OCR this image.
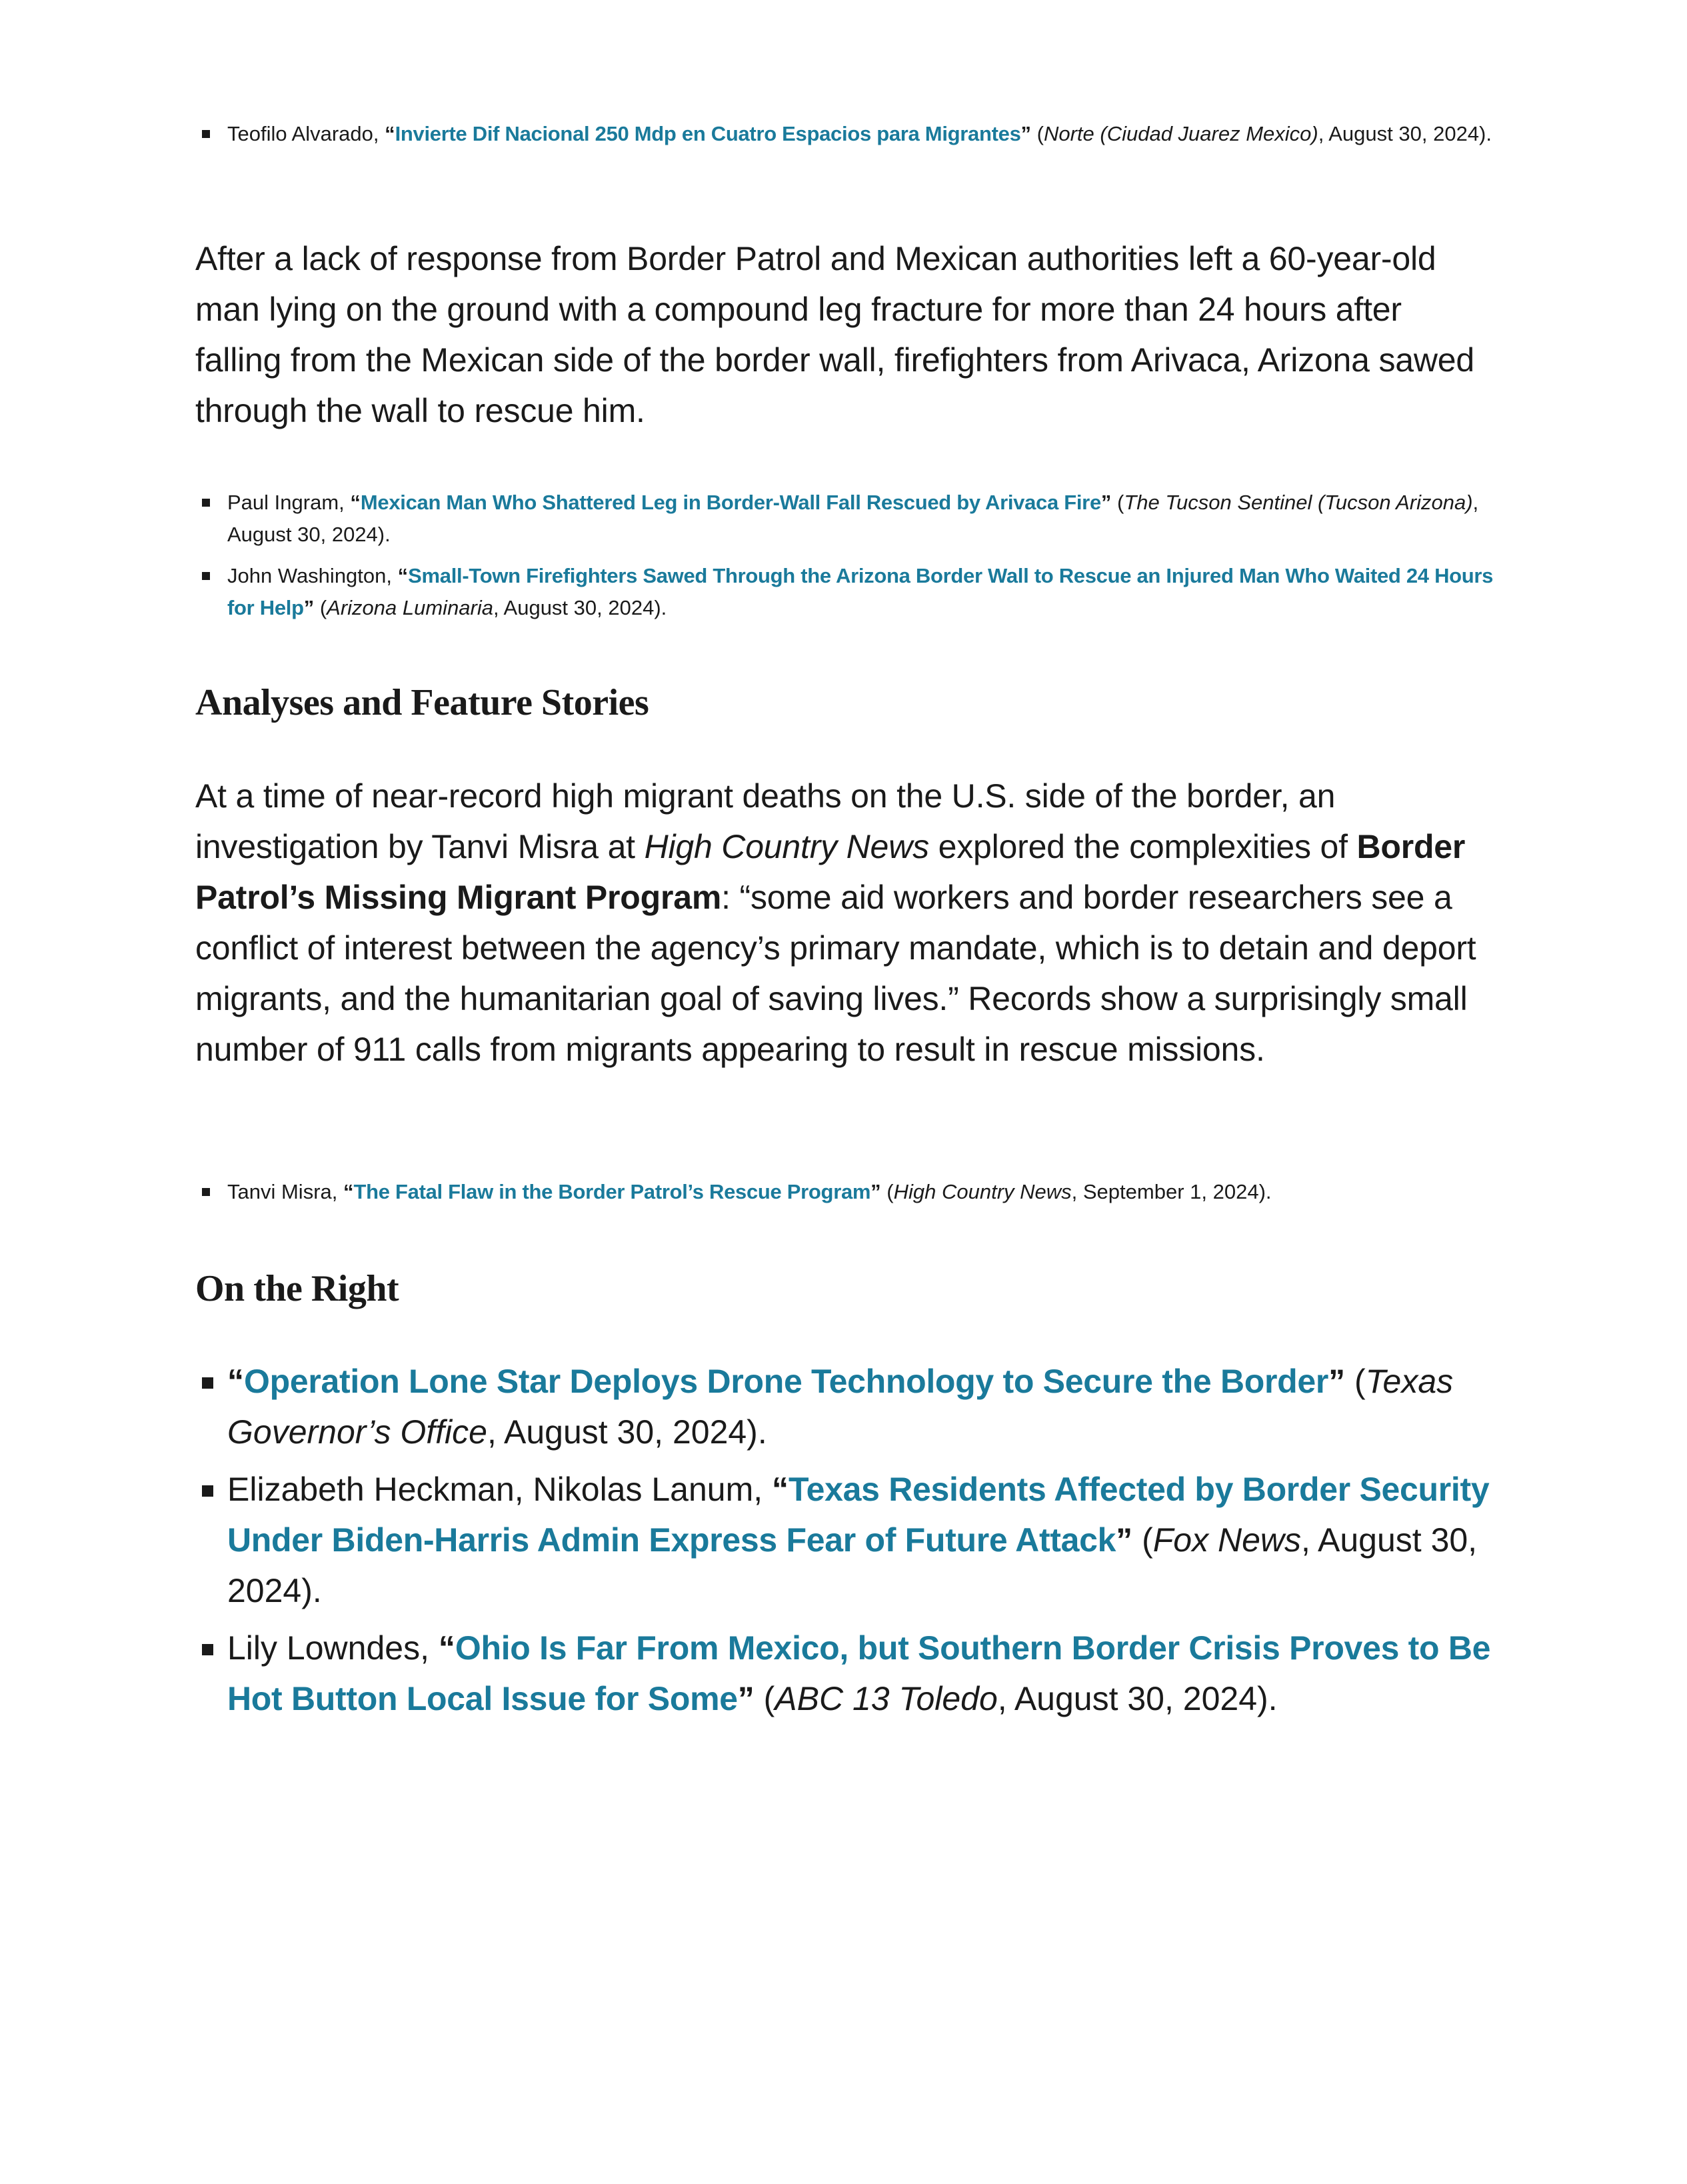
Teofilo Alvarado, “Invierte Dif Nacional 250 Mdp en Cuatro Espacios para Migrantes” (Norte (Ciudad Juarez Mexico), August 30, 2024).

After a lack of response from Border Patrol and Mexican authorities left a 60-year-old man lying on the ground with a compound leg fracture for more than 24 hours after falling from the Mexican side of the border wall, firefighters from Arivaca, Arizona sawed through the wall to rescue him.

Paul Ingram, “Mexican Man Who Shattered Leg in Border-Wall Fall Rescued by Arivaca Fire” (The Tucson Sentinel (Tucson Arizona), August 30, 2024).
John Washington, “Small-Town Firefighters Sawed Through the Arizona Border Wall to Rescue an Injured Man Who Waited 24 Hours for Help” (Arizona Luminaria, August 30, 2024).
Analyses and Feature Stories

At a time of near-record high migrant deaths on the U.S. side of the border, an investigation by Tanvi Misra at High Country News explored the complexities of Border Patrol’s Missing Migrant Program: “some aid workers and border researchers see a conflict of interest between the agency’s primary mandate, which is to detain and deport migrants, and the humanitarian goal of saving lives.” Records show a surprisingly small number of 911 calls from migrants appearing to result in rescue missions.

Tanvi Misra, “The Fatal Flaw in the Border Patrol’s Rescue Program” (High Country News, September 1, 2024).
On the Right
“Operation Lone Star Deploys Drone Technology to Secure the Border” (Texas Governor’s Office, August 30, 2024).
Elizabeth Heckman, Nikolas Lanum, “Texas Residents Affected by Border Security Under Biden-Harris Admin Express Fear of Future Attack” (Fox News, August 30, 2024).
Lily Lowndes, “Ohio Is Far From Mexico, but Southern Border Crisis Proves to Be Hot Button Local Issue for Some” (ABC 13 Toledo, August 30, 2024).
